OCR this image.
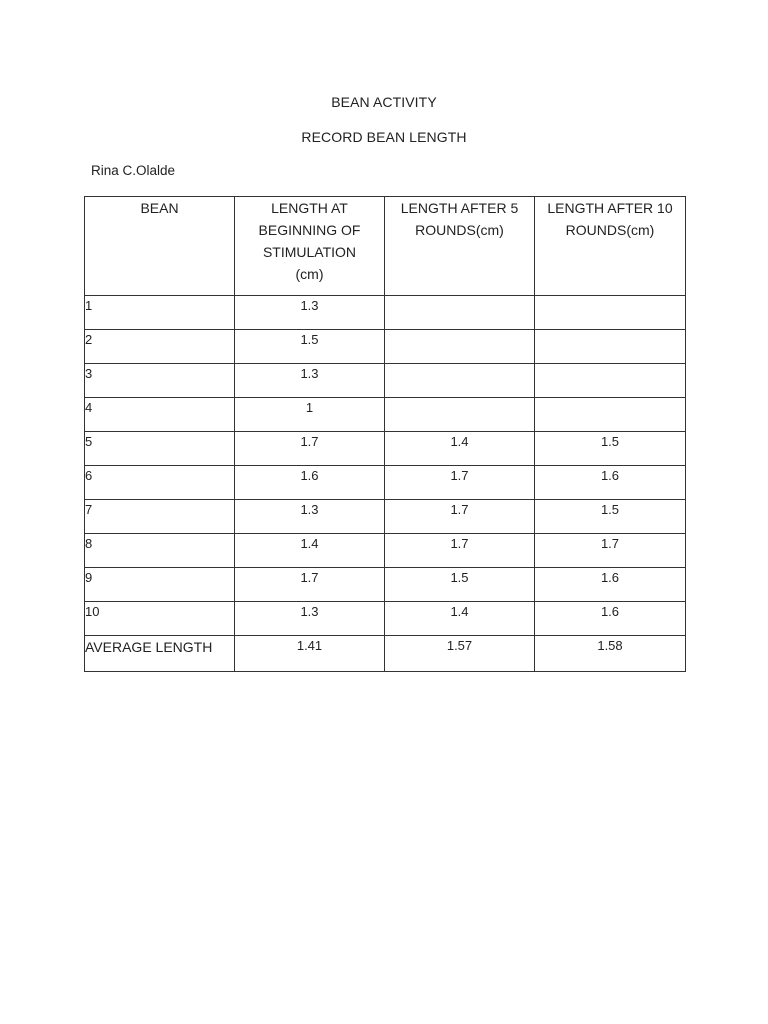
BEAN ACTIVITY
RECORD BEAN LENGTH
Rina C.Olalde
BEAN	LENGTH AT BEGINNING OF STIMULATION (cm)	LENGTH AFTER 5 ROUNDS(cm)	LENGTH AFTER 10 ROUNDS(cm)
1	1.3		
2	1.5		
3	1.3		
4	1		
5	1.7	1.4	1.5
6	1.6	1.7	1.6
7	1.3	1.7	1.5
8	1.4	1.7	1.7
9	1.7	1.5	1.6
10	1.3	1.4	1.6
AVERAGE LENGTH	1.41	1.57	1.58
